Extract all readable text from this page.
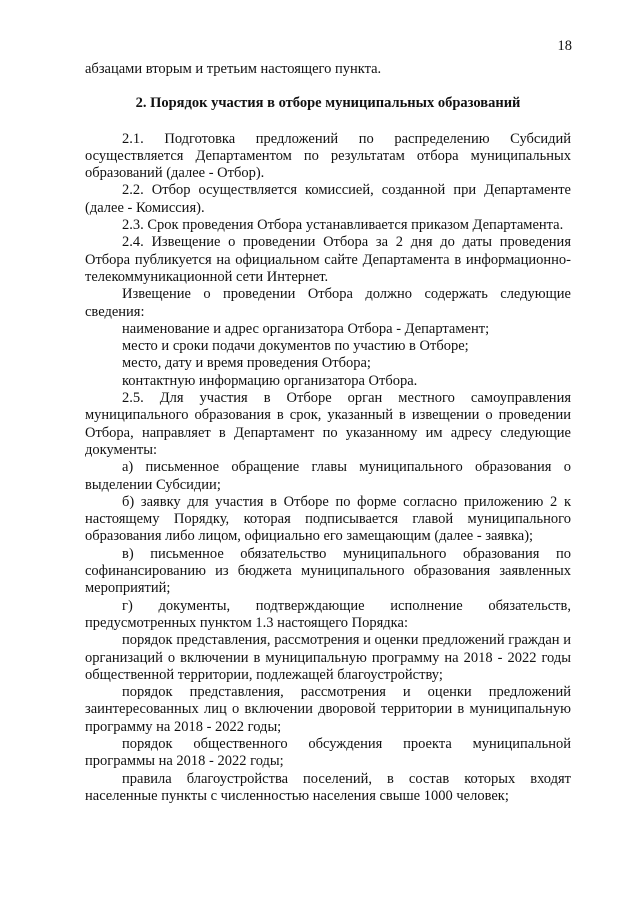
18

абзацами вторым и третьим настоящего пункта.

2. Порядок участия в отборе муниципальных образований

2.1. Подготовка предложений по распределению Субсидий осуществляется Департаментом по результатам отбора муниципальных образований (далее - Отбор).

2.2. Отбор осуществляется комиссией, созданной при Департаменте (далее - Комиссия).

2.3. Срок проведения Отбора устанавливается приказом Департамента.

2.4. Извещение о проведении Отбора за 2 дня до даты проведения Отбора публикуется на официальном сайте Департамента в информационно-телекоммуникационной сети Интернет.

Извещение о проведении Отбора должно содержать следующие сведения:

наименование и адрес организатора Отбора - Департамент;

место и сроки подачи документов по участию в Отборе;

место, дату и время проведения Отбора;

контактную информацию организатора Отбора.

2.5. Для участия в Отборе орган местного самоуправления муниципального образования в срок, указанный в извещении о проведении Отбора, направляет в Департамент по указанному им адресу следующие документы:

а) письменное обращение главы муниципального образования о выделении Субсидии;

б) заявку для участия в Отборе по форме согласно приложению 2 к настоящему Порядку, которая подписывается главой муниципального образования либо лицом, официально его замещающим (далее - заявка);

в) письменное обязательство муниципального образования по софинансированию из бюджета муниципального образования заявленных мероприятий;

г) документы, подтверждающие исполнение обязательств, предусмотренных пунктом 1.3 настоящего Порядка:

порядок представления, рассмотрения и оценки предложений граждан и организаций о включении в муниципальную программу на 2018 - 2022 годы общественной территории, подлежащей благоустройству;

порядок представления, рассмотрения и оценки предложений заинтересованных лиц о включении дворовой территории в муниципальную программу на 2018 - 2022 годы;

порядок общественного обсуждения проекта муниципальной программы на 2018 - 2022 годы;

правила благоустройства поселений, в состав которых входят населенные пункты с численностью населения свыше 1000 человек;
